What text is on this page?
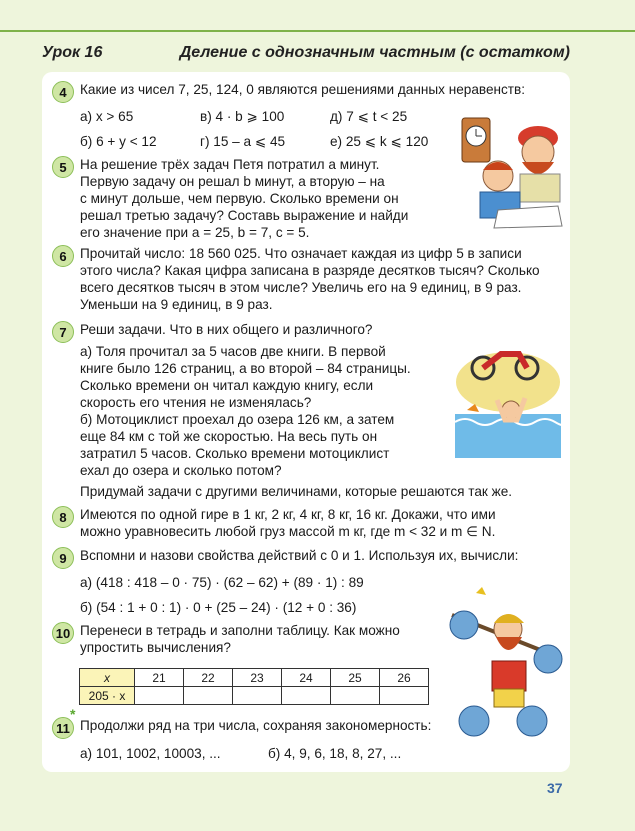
Урок 16	Деление с однозначным частным (с остатком)
4 Какие из чисел 7, 25, 124, 0 являются решениями данных неравенств:
а) x > 65	в) 4 · b ⩾ 100	д) 7 ⩽ t < 25
б) 6 + y < 12	г) 15 – a ⩽ 45	е) 25 ⩽ k ⩽ 120
5 На решение трёх задач Петя потратил a минут.
Первую задачу он решал b минут, а вторую – на
c минут дольше, чем первую. Сколько времени он
решал третью задачу? Составь выражение и найди
его значение при a = 25, b = 7, c = 5.
6 Прочитай число: 18 560 025. Что означает каждая из цифр 5 в записи
этого числа? Какая цифра записана в разряде десятков тысяч? Сколько
всего десятков тысяч в этом числе? Увеличь его на 9 единиц, в 9 раз.
Уменьши на 9 единиц, в 9 раз.
7 Реши задачи. Что в них общего и различного?
а) Толя прочитал за 5 часов две книги. В первой
книге было 126 страниц, а во второй – 84 страницы.
Сколько времени он читал каждую книгу, если
скорость его чтения не изменялась?
б) Мотоциклист проехал до озера 126 км, а затем
еще 84 км с той же скоростью. На весь путь он
затратил 5 часов. Сколько времени мотоциклист
ехал до озера и сколько потом?
Придумай задачи с другими величинами, которые решаются так же.
8 Имеются по одной гире в 1 кг, 2 кг, 4 кг, 8 кг, 16 кг. Докажи, что ими
можно уравновесить любой груз массой m кг, где m < 32 и m ∈ N.
9 Вспомни и назови свойства действий с 0 и 1. Используя их, вычисли:
а) (418 : 418 – 0 · 75) · (62 – 62) + (89 · 1) : 89
б) (54 : 1 + 0 : 1) · 0 + (25 – 24) · (12 + 0 : 36)
10 Перенеси в тетрадь и заполни таблицу. Как можно
упростить вычисления?
x	21	22	23	24	25	26
205 · x						
11
*
Продолжи ряд на три числа, сохраняя закономерность:
а) 101, 1002, 10003, ...	б) 4, 9, 6, 18, 8, 27, ...
37
